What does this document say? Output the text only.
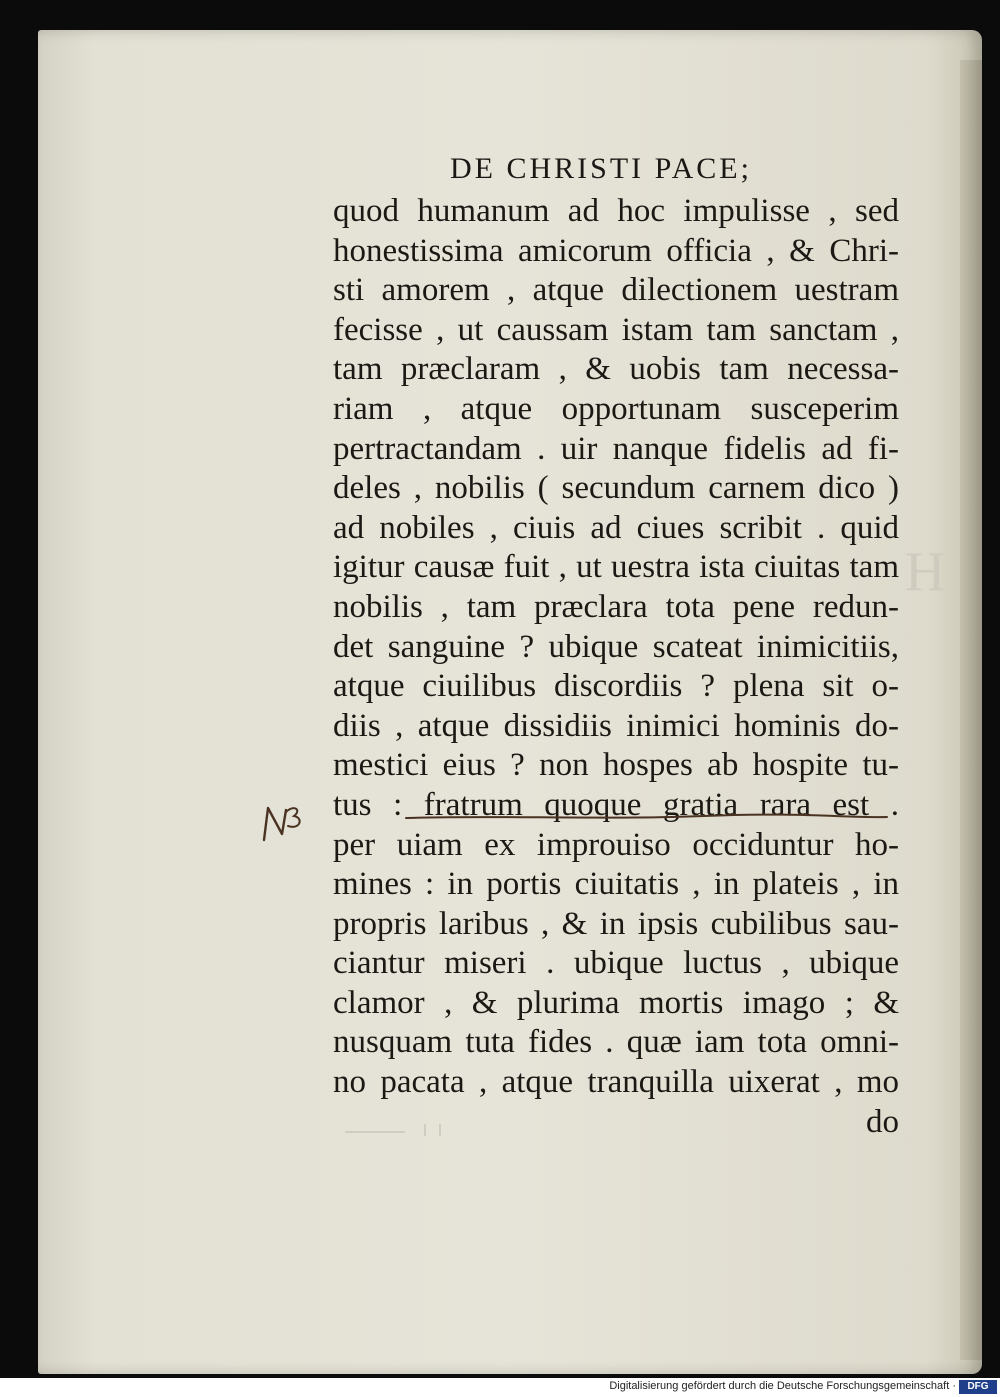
H
DE CHRISTI PACE;
quod humanum ad hoc impulisse , sed
honestissima amicorum officia , & Chri-
sti amorem , atque dilectionem uestram
fecisse , ut caussam istam tam sanctam ,
tam præclaram , & uobis tam necessa-
riam , atque opportunam susceperim
pertractandam . uir nanque fidelis ad fi-
deles , nobilis ( secundum carnem dico )
ad nobiles , ciuis ad ciues scribit . quid
igitur causæ fuit , ut uestra ista ciuitas tam
nobilis , tam præclara tota pene redun-
det sanguine ? ubique scateat inimicitiis,
atque ciuilibus discordiis ? plena sit o-
diis , atque dissidiis inimici hominis do-
mestici eius ? non hospes ab hospite tu-
tus : fratrum quoque gratia rara est .
per uiam ex improuiso occiduntur ho-
mines : in portis ciuitatis , in plateis , in
propris laribus , & in ipsis cubilibus sau-
ciantur miseri . ubique luctus , ubique
clamor , & plurima mortis imago ; &
nusquam tuta fides . quæ iam tota omni-
no pacata , atque tranquilla uixerat , mo
do
Digitalisierung gefördert durch die Deutsche Forschungsgemeinschaft ·	DFG
